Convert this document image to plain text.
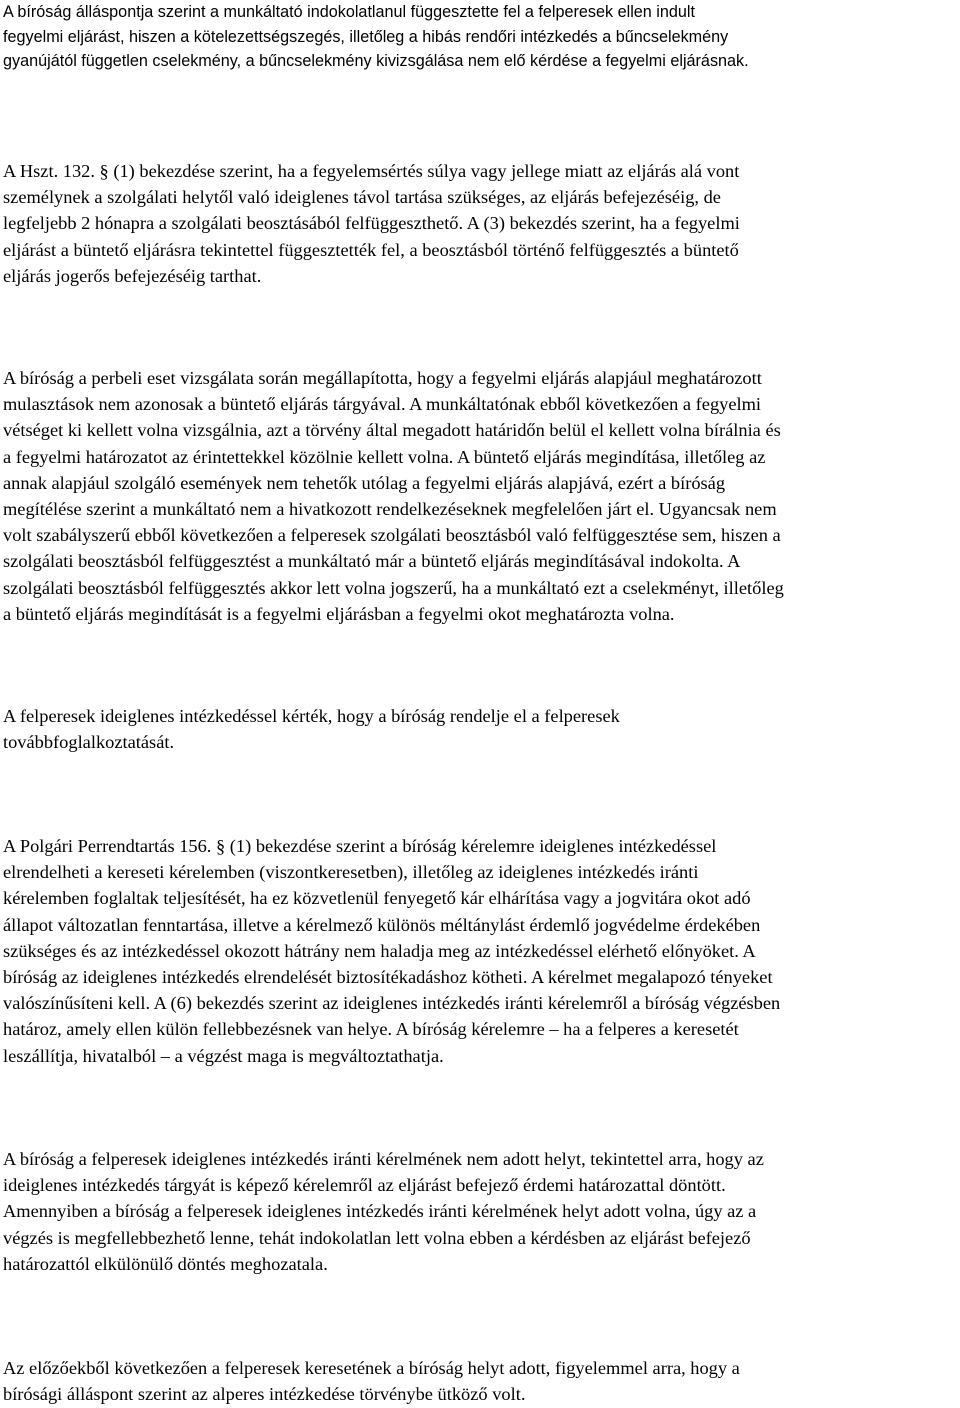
A bíróság álláspontja szerint a munkáltató indokolatlanul függesztette fel a felperesek ellen indult
fegyelmi eljárást, hiszen a kötelezettségszegés, illetőleg a hibás rendőri intézkedés a bűncselekmény
gyanújától független cselekmény, a bűncselekmény kivizsgálása nem elő kérdése a fegyelmi eljárásnak.

A Hszt. 132. § (1) bekezdése szerint, ha a fegyelemsértés súlya vagy jellege miatt az eljárás alá vont
személynek a szolgálati helytől való ideiglenes távol tartása szükséges, az eljárás befejezéséig, de
legfeljebb 2 hónapra a szolgálati beosztásából felfüggeszthető. A (3) bekezdés szerint, ha a fegyelmi
eljárást a büntető eljárásra tekintettel függesztették fel, a beosztásból történő felfüggesztés a büntető
eljárás jogerős befejezéséig tarthat.

A bíróság a perbeli eset vizsgálata során megállapította, hogy a fegyelmi eljárás alapjául meghatározott
mulasztások nem azonosak a büntető eljárás tárgyával. A munkáltatónak ebből következően a fegyelmi
vétséget ki kellett volna vizsgálnia, azt a törvény által megadott határidőn belül el kellett volna bírálnia és
a fegyelmi határozatot az érintettekkel közölnie kellett volna. A büntető eljárás megindítása, illetőleg az
annak alapjául szolgáló események nem tehetők utólag a fegyelmi eljárás alapjává, ezért a bíróság
megítélése szerint a munkáltató nem a hivatkozott rendelkezéseknek megfelelően járt el. Ugyancsak nem
volt szabályszerű ebből következően a felperesek szolgálati beosztásból való felfüggesztése sem, hiszen a
szolgálati beosztásból felfüggesztést a munkáltató már a büntető eljárás megindításával indokolta. A
szolgálati beosztásból felfüggesztés akkor lett volna jogszerű, ha a munkáltató ezt a cselekményt, illetőleg
a büntető eljárás megindítását is a fegyelmi eljárásban a fegyelmi okot meghatározta volna.

A felperesek ideiglenes intézkedéssel kérték, hogy a bíróság rendelje el a felperesek
továbbfoglalkoztatását.

A Polgári Perrendtartás 156. § (1) bekezdése szerint a bíróság kérelemre ideiglenes intézkedéssel
elrendelheti a kereseti kérelemben (viszontkeresetben), illetőleg az ideiglenes intézkedés iránti
kérelemben foglaltak teljesítését, ha ez közvetlenül fenyegető kár elhárítása vagy a jogvitára okot adó
állapot változatlan fenntartása, illetve a kérelmező különös méltánylást érdemlő jogvédelme érdekében
szükséges és az intézkedéssel okozott hátrány nem haladja meg az intézkedéssel elérhető előnyöket. A
bíróság az ideiglenes intézkedés elrendelését biztosítékadáshoz kötheti. A kérelmet megalapozó tényeket
valószínűsíteni kell. A (6) bekezdés szerint az ideiglenes intézkedés iránti kérelemről a bíróság végzésben
határoz, amely ellen külön fellebbezésnek van helye. A bíróság kérelemre – ha a felperes a keresetét
leszállítja, hivatalból – a végzést maga is megváltoztathatja.

A bíróság a felperesek ideiglenes intézkedés iránti kérelmének nem adott helyt, tekintettel arra, hogy az
ideiglenes intézkedés tárgyát is képező kérelemről az eljárást befejező érdemi határozattal döntött.
Amennyiben a bíróság a felperesek ideiglenes intézkedés iránti kérelmének helyt adott volna, úgy az a
végzés is megfellebbezhető lenne, tehát indokolatlan lett volna ebben a kérdésben az eljárást befejező
határozattól elkülönülő döntés meghozatala.

Az előzőekből következően a felperesek keresetének a bíróság helyt adott, figyelemmel arra, hogy a
bírósági álláspont szerint az alperes intézkedése törvénybe ütköző volt.
